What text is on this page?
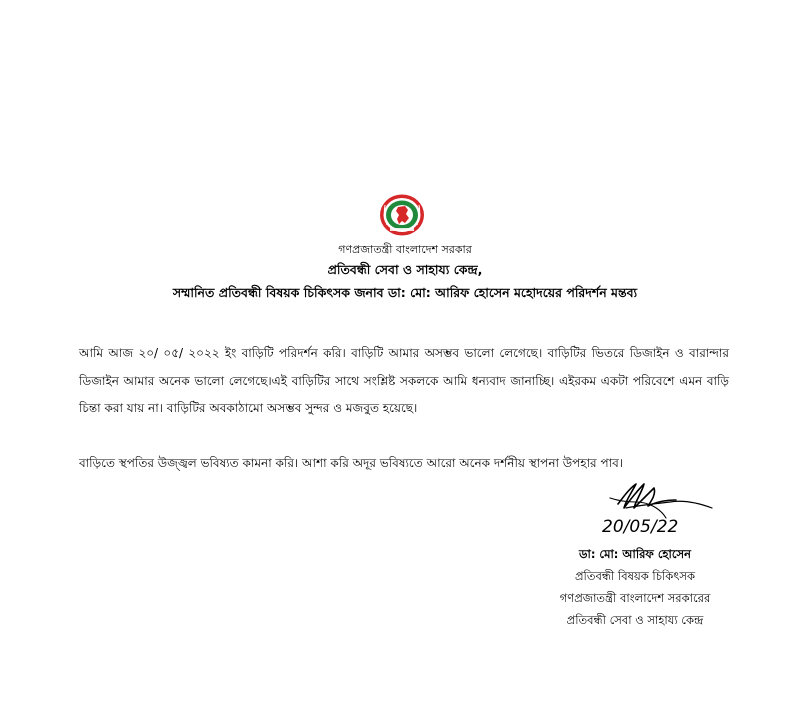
গণপ্রজাতন্ত্রী বাংলাদেশ সরকার
প্রতিবন্ধী সেবা ও সাহায্য কেন্দ্র,
সম্মানিত প্রতিবন্ধী বিষয়ক চিকিৎসক জনাব ডা: মো: আরিফ হোসেন মহোদয়ের পরিদর্শন মন্তব্য
আমি আজ ২০/ ০৫/ ২০২২ ইং বাড়িটি পরিদর্শন করি। বাড়িটি আমার অসম্ভব ভালো লেগেছে। বাড়িটির ভিতরে ডিজাইন ও বারান্দার ডিজাইন আমার অনেক ভালো লেগেছে।এই বাড়িটির সাথে সংশ্লিষ্ট সকলকে আমি ধন্যবাদ জানাচ্ছি। এইরকম একটা পরিবেশে এমন বাড়ি চিন্তা করা যায় না। বাড়িটির অবকাঠামো অসম্ভব সুন্দর ও মজবুত হয়েছে।
বাড়িতে স্থপতির উজ্জ্বল ভবিষ্যত কামনা করি। আশা করি অদূর ভবিষ্যতে আরো অনেক দর্শনীয় স্থাপনা উপহার পাব।
20/05/22
ডা: মো: আরিফ হোসেন
প্রতিবন্ধী বিষয়ক চিকিৎসক
গণপ্রজাতন্ত্রী বাংলাদেশ সরকারের
প্রতিবন্ধী সেবা ও সাহায্য কেন্দ্র
